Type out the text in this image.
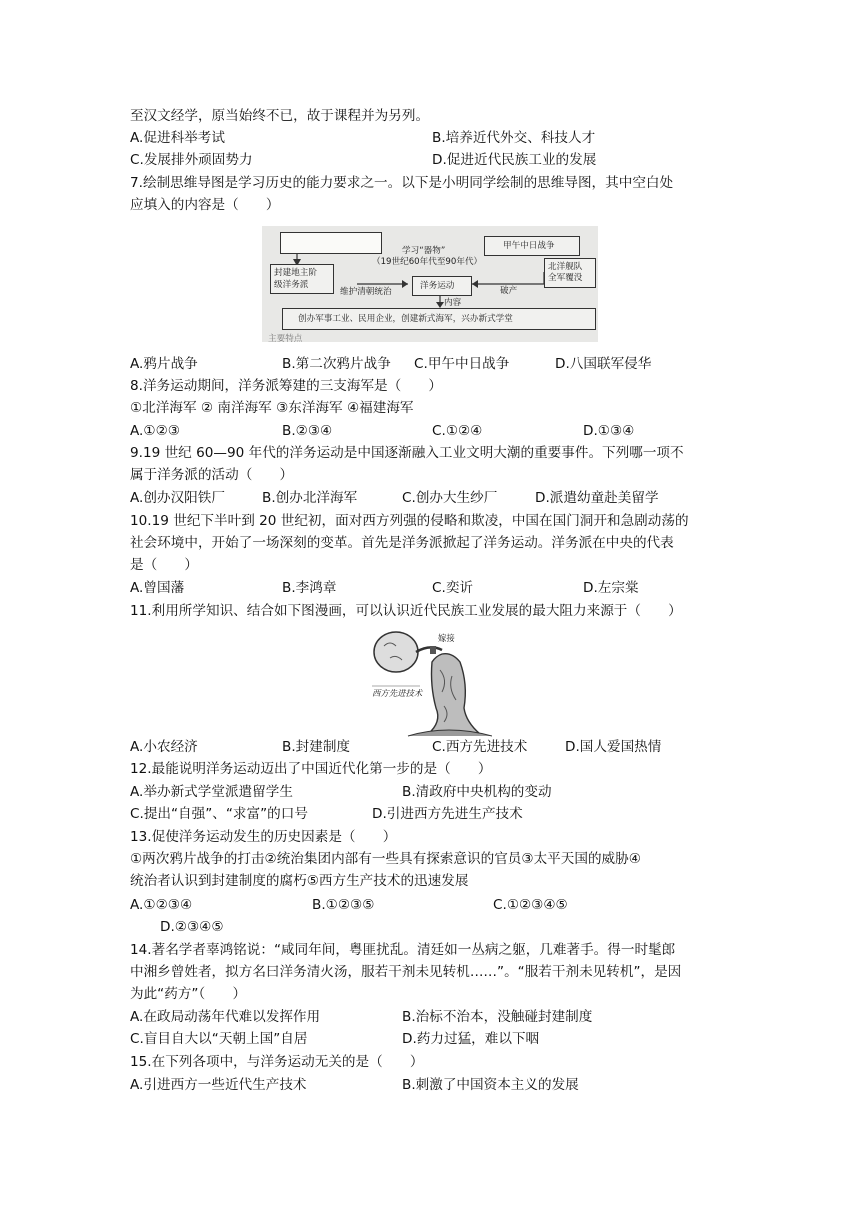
至汉文经学，原当始终不已，故于课程并为另列。
A.促进科举考试	B.培养近代外交、科技人才
C.发展排外顽固势力	D.促进近代民族工业的发展
7.绘制思维导图是学习历史的能力要求之一。以下是小明同学绘制的思维导图，其中空白处
应填入的内容是（　　）
学习“器物”
（19世纪60年代至90年代）
甲午中日战争
北洋舰队
全军覆没
封建地主阶
级洋务派
维护清朝统治
洋务运动	破产
内容
创办军事工业、民用企业，创建新式海军，兴办新式学堂
主要特点
A.鸦片战争	B.第二次鸦片战争 C.甲午中日战争	D.八国联军侵华
8.洋务运动期间，洋务派筹建的三支海军是（　　）
①北洋海军 ② 南洋海军 ③东洋海军 ④福建海军
A.①②③	B.②③④	C.①②④	D.①③④
9.19 世纪 60—90 年代的洋务运动是中国逐渐融入工业文明大潮的重要事件。下列哪一项不
属于洋务派的活动（　　）
A.创办汉阳铁厂	B.创办北洋海军	C.创办大生纱厂	D.派遣幼童赴美留学
10.19 世纪下半叶到 20 世纪初，面对西方列强的侵略和欺凌，中国在国门洞开和急剧动荡的
社会环境中，开始了一场深刻的变革。首先是洋务派掀起了洋务运动。洋务派在中央的代表
是（　　）
A.曾国藩	B.李鸿章	C.奕䜣	D.左宗棠
11.利用所学知识、结合如下图漫画，可以认识近代民族工业发展的最大阻力来源于（　　）
嫁接
西方先进技术
A.小农经济	B.封建制度	C.西方先进技术	D.国人爱国热情
12.最能说明洋务运动迈出了中国近代化第一步的是（　　）
A.举办新式学堂派遣留学生	B.清政府中央机构的变动
C.提出“自强”、“求富”的口号	D.引进西方先进生产技术
13.促使洋务运动发生的历史因素是（　　）
①两次鸦片战争的打击②统治集团内部有一些具有探索意识的官员③太平天国的威胁④
统治者认识到封建制度的腐朽⑤西方生产技术的迅速发展
A.①②③④	B.①②③⑤	C.①②③④⑤
D.②③④⑤
14.著名学者辜鸿铭说：“咸同年间，粤匪扰乱。清廷如一丛病之躯，几难著手。得一时髦郎
中湘乡曾姓者，拟方名曰洋务清火汤，服若干剂未见转机……”。“服若干剂未见转机”，是因
为此“药方”（　　）
A.在政局动荡年代难以发挥作用	B.治标不治本，没触碰封建制度
C.盲目自大以“天朝上国”自居	D.药力过猛，难以下咽
15.在下列各项中，与洋务运动无关的是（　　）
A.引进西方一些近代生产技术	B.刺激了中国资本主义的发展
